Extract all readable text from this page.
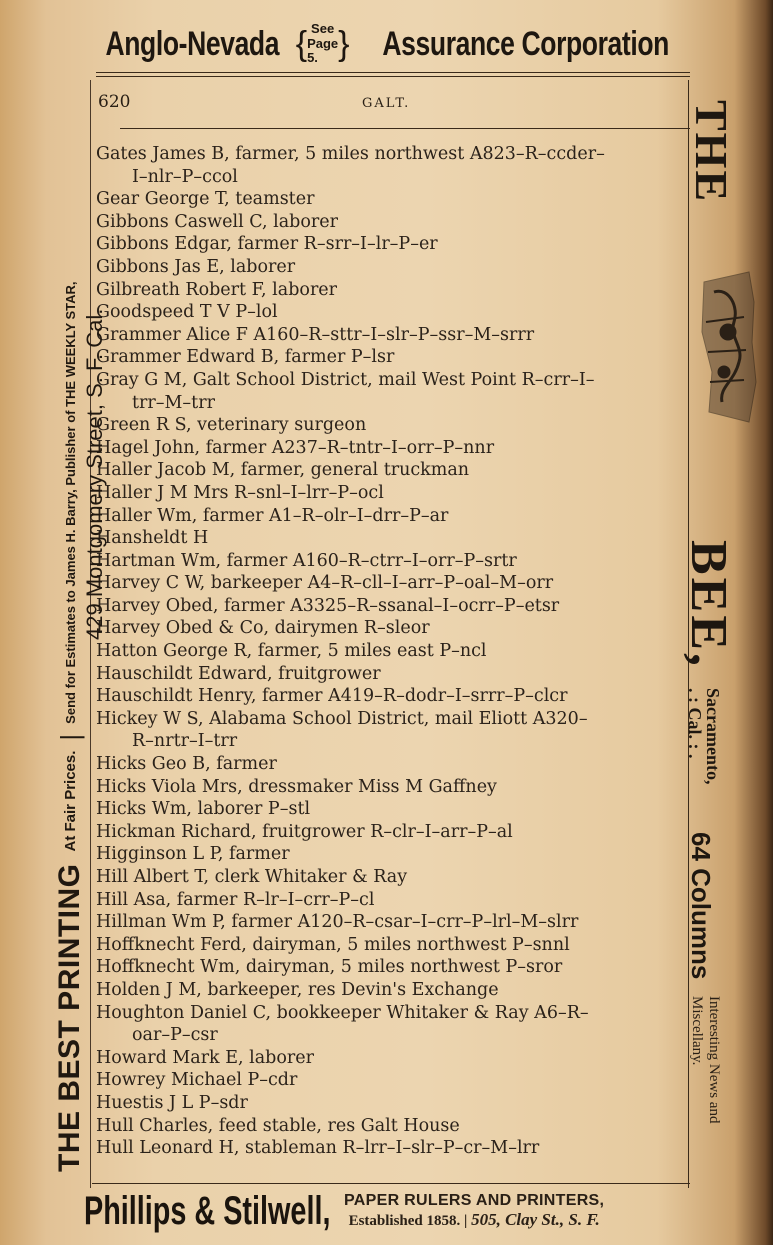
Anglo-Nevada { See
Page 5. } Assurance Corporation
620	GALT.
Gates James B, farmer, 5 miles northwest A823–R–ccder–
I–nlr–P–ccol
Gear George T, teamster
Gibbons Caswell C, laborer
Gibbons Edgar, farmer R–srr–I–lr–P–er
Gibbons Jas E, laborer
Gilbreath Robert F, laborer
Goodspeed T V P–lol
Grammer Alice F A160–R–sttr–I–slr–P–ssr–M–srrr
Grammer Edward B, farmer P–lsr
Gray G M, Galt School District, mail West Point R–crr–I–
trr–M–trr
Green R S, veterinary surgeon
Hagel John, farmer A237–R–tntr–I–orr–P–nnr
Haller Jacob M, farmer, general truckman
Haller J M Mrs R–snl–I–lrr–P–ocl
Haller Wm, farmer A1–R–olr–I–drr–P–ar
Hansheldt H
Hartman Wm, farmer A160–R–ctrr–I–orr–P–srtr
Harvey C W, barkeeper A4–R–cll–I–arr–P–oal–M–orr
Harvey Obed, farmer A3325–R–ssanal–I–ocrr–P–etsr
Harvey Obed & Co, dairymen R–sleor
Hatton George R, farmer, 5 miles east P–ncl
Hauschildt Edward, fruitgrower
Hauschildt Henry, farmer A419–R–dodr–I–srrr–P–clcr
Hickey W S, Alabama School District, mail Eliott A320–
R–nrtr–I–trr
Hicks Geo B, farmer
Hicks Viola Mrs, dressmaker Miss M Gaffney
Hicks Wm, laborer P–stl
Hickman Richard, fruitgrower R–clr–I–arr–P–al
Higginson L P, farmer
Hill Albert T, clerk Whitaker & Ray
Hill Asa, farmer R–lr–I–crr–P–cl
Hillman Wm P, farmer A120–R–csar–I–crr–P–lrl–M–slrr
Hoffknecht Ferd, dairyman, 5 miles northwest P–snnl
Hoffknecht Wm, dairyman, 5 miles northwest P–sror
Holden J M, barkeeper, res Devin's Exchange
Houghton Daniel C, bookkeeper Whitaker & Ray A6–R–
oar–P–csr
Howard Mark E, laborer
Howrey Michael P–cdr
Huestis J L P–sdr
Hull Charles, feed stable, res Galt House
Hull Leonard H, stableman R–lrr–I–slr–P–cr–M–lrr
THE BEST PRINTING
At Fair Prices.
|
Send for Estimates to James H. Barry, Publisher of THE WEEKLY STAR, 429 Montgomery Street, S. F. Cal.
THE
BEE,
Sacramento,
. : Cal. : .
64 Columns
Interesting News and
Miscellany.
Phillips & Stilwell, PAPER RULERS AND PRINTERS,
Established 1858. | 505, Clay St., S. F.
